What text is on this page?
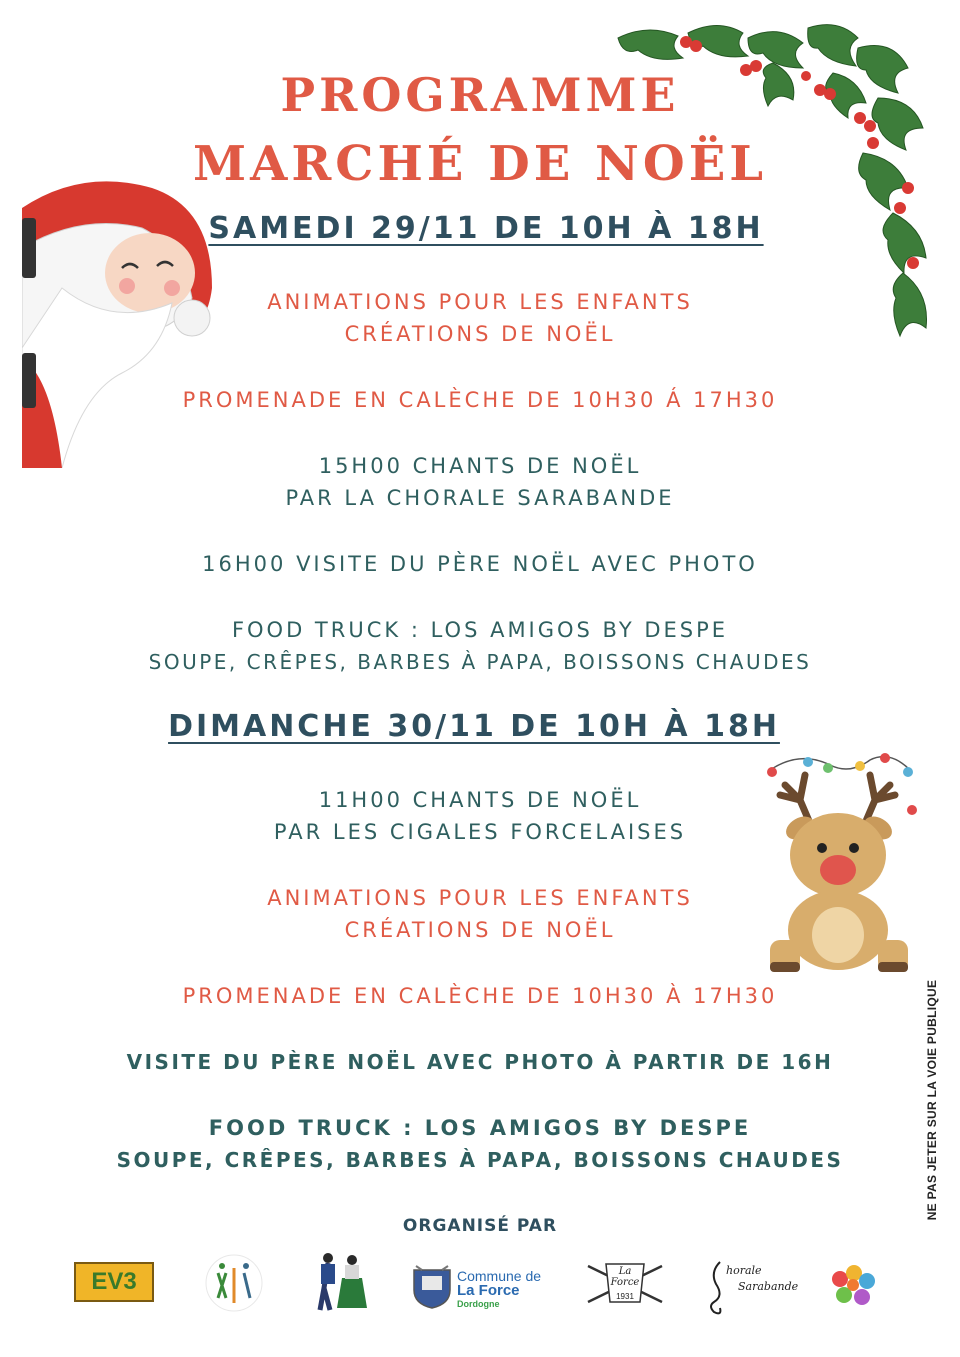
PROGRAMME
MARCHÉ DE NOËL
SAMEDI 29/11 DE 10H À 18H
ANIMATIONS POUR LES ENFANTS
CRÉATIONS DE NOËL
PROMENADE EN CALÈCHE DE 10H30 Á 17H30
15H00 CHANTS DE NOËL
PAR LA CHORALE SARABANDE
16H00 VISITE DU PÈRE NOËL AVEC PHOTO
FOOD TRUCK : LOS AMIGOS BY DESPE
SOUPE, CRÊPES, BARBES À PAPA, BOISSONS CHAUDES
DIMANCHE 30/11 DE 10H À 18H
11H00 CHANTS DE NOËL
PAR LES CIGALES FORCELAISES
ANIMATIONS POUR LES ENFANTS
CRÉATIONS DE NOËL
PROMENADE EN CALÈCHE DE 10H30 À 17H30
VISITE DU PÈRE NOËL AVEC PHOTO À PARTIR DE 16H
FOOD TRUCK : LOS AMIGOS BY DESPE
SOUPE, CRÊPES, BARBES À PAPA, BOISSONS CHAUDES	NE PAS JETER SUR LA VOIE PUBLIQUE
ORGANISÉ PAR
EV3	Commune de
La Force
Dordogne
La
Force
1931
horale
Sarabande
